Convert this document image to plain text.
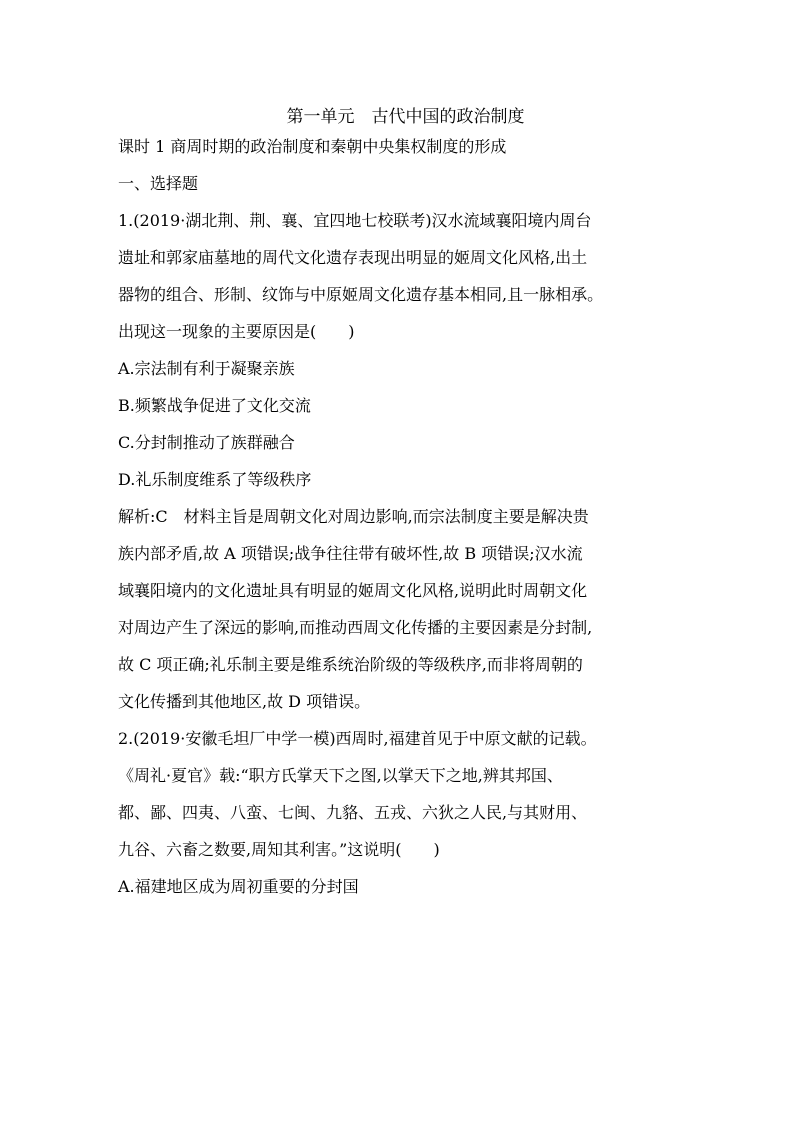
第一单元　古代中国的政治制度
课时 1 商周时期的政治制度和秦朝中央集权制度的形成
一、选择题
1.(2019·湖北荆、荆、襄、宜四地七校联考)汉水流域襄阳境内周台
遗址和郭家庙墓地的周代文化遗存表现出明显的姬周文化风格,出土
器物的组合、形制、纹饰与中原姬周文化遗存基本相同,且一脉相承。
出现这一现象的主要原因是(　　)
A.宗法制有利于凝聚亲族
B.频繁战争促进了文化交流
C.分封制推动了族群融合
D.礼乐制度维系了等级秩序
解析:C　材料主旨是周朝文化对周边影响,而宗法制度主要是解决贵
族内部矛盾,故 A 项错误;战争往往带有破坏性,故 B 项错误;汉水流
域襄阳境内的文化遗址具有明显的姬周文化风格,说明此时周朝文化
对周边产生了深远的影响,而推动西周文化传播的主要因素是分封制,
故 C 项正确;礼乐制主要是维系统治阶级的等级秩序,而非将周朝的
文化传播到其他地区,故 D 项错误。
2.(2019·安徽毛坦厂中学一模)西周时,福建首见于中原文献的记载。
《周礼·夏官》载:“职方氏掌天下之图,以掌天下之地,辨其邦国、
都、鄙、四夷、八蛮、七闽、九貉、五戎、六狄之人民,与其财用、
九谷、六畜之数要,周知其利害。”这说明(　　)
A.福建地区成为周初重要的分封国
